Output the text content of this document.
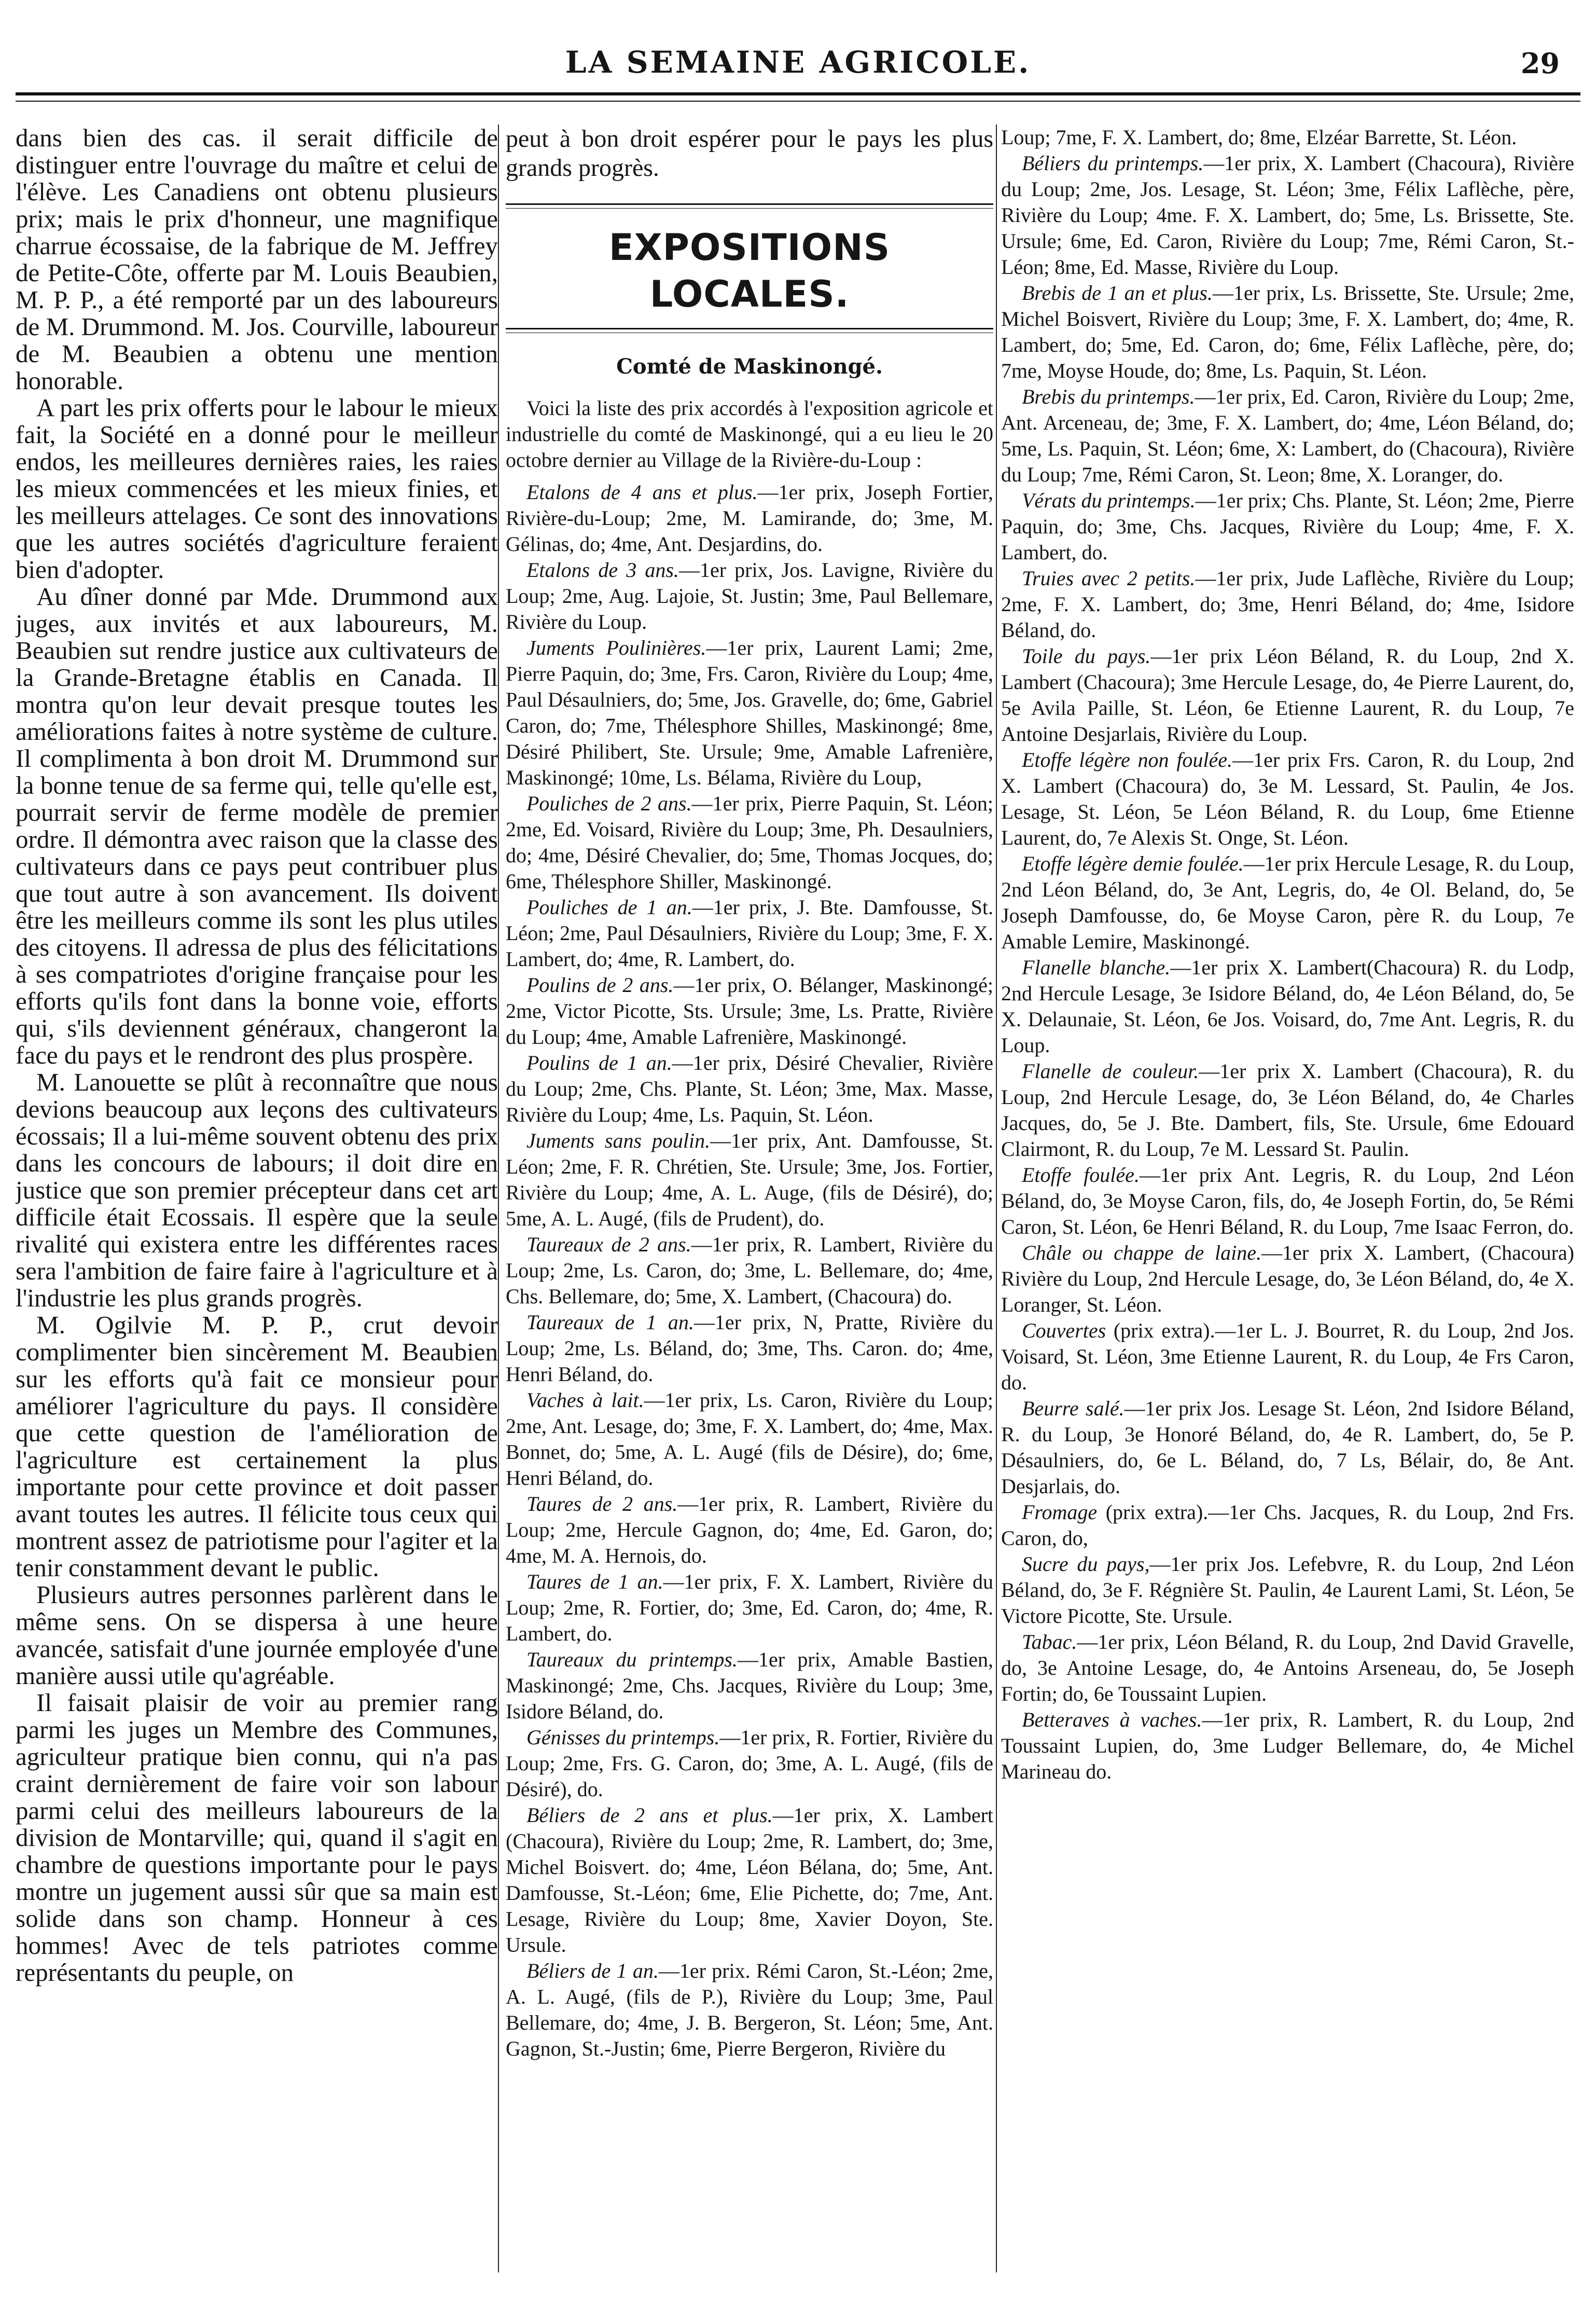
LA SEMAINE AGRICOLE.	29

dans bien des cas. il serait difficile de distinguer entre l'ouvrage du maître et celui de l'élève. Les Canadiens ont obtenu plusieurs prix; mais le prix d'honneur, une magnifique charrue écossaise, de la fabrique de M. Jeffrey de Petite-Côte, offerte par M. Louis Beaubien, M. P. P., a été remporté par un des laboureurs de M. Drummond. M. Jos. Courville, laboureur de M. Beaubien a obtenu une mention honorable.

A part les prix offerts pour le labour le mieux fait, la Société en a donné pour le meilleur endos, les meilleures dernières raies, les raies les mieux commencées et les mieux finies, et les meilleurs attelages. Ce sont des innovations que les autres sociétés d'agriculture feraient bien d'adopter.

Au dîner donné par Mde. Drummond aux juges, aux invités et aux laboureurs, M. Beaubien sut rendre justice aux cultivateurs de la Grande-Bretagne établis en Canada. Il montra qu'on leur devait presque toutes les améliorations faites à notre système de culture. Il complimenta à bon droit M. Drummond sur la bonne tenue de sa ferme qui, telle qu'elle est, pourrait servir de ferme modèle de premier ordre. Il démontra avec raison que la classe des cultivateurs dans ce pays peut contribuer plus que tout autre à son avancement. Ils doivent être les meilleurs comme ils sont les plus utiles des citoyens. Il adressa de plus des félicitations à ses compatriotes d'origine française pour les efforts qu'ils font dans la bonne voie, efforts qui, s'ils deviennent généraux, changeront la face du pays et le rendront des plus prospère.

M. Lanouette se plût à reconnaître que nous devions beaucoup aux leçons des cultivateurs écossais; Il a lui-même souvent obtenu des prix dans les concours de labours; il doit dire en justice que son premier précepteur dans cet art difficile était Ecossais. Il espère que la seule rivalité qui existera entre les différentes races sera l'ambition de faire faire à l'agriculture et à l'industrie les plus grands progrès.

M. Ogilvie M. P. P., crut devoir complimenter bien sincèrement M. Beaubien sur les efforts qu'à fait ce monsieur pour améliorer l'agriculture du pays. Il considère que cette question de l'amélioration de l'agriculture est certainement la plus importante pour cette province et doit passer avant toutes les autres. Il félicite tous ceux qui montrent assez de patriotisme pour l'agiter et la tenir constamment devant le public.

Plusieurs autres personnes parlèrent dans le même sens. On se dispersa à une heure avancée, satisfait d'une journée employée d'une manière aussi utile qu'agréable.

Il faisait plaisir de voir au premier rang parmi les juges un Membre des Communes, agriculteur pratique bien connu, qui n'a pas craint dernièrement de faire voir son labour parmi celui des meilleurs laboureurs de la division de Montarville; qui, quand il s'agit en chambre de questions importante pour le pays montre un jugement aussi sûr que sa main est solide dans son champ. Honneur à ces hommes! Avec de tels patriotes comme représentants du peuple, on

peut à bon droit espérer pour le pays les plus grands progrès.

EXPOSITIONS LOCALES.
Comté de Maskinongé.

Voici la liste des prix accordés à l'exposition agricole et industrielle du comté de Maskinongé, qui a eu lieu le 20 octobre dernier au Village de la Rivière-du-Loup :

Etalons de 4 ans et plus.—1er prix, Joseph Fortier, Rivière-du-Loup; 2me, M. Lamirande, do; 3me, M. Gélinas, do; 4me, Ant. Desjardins, do.

Etalons de 3 ans.—1er prix, Jos. Lavigne, Rivière du Loup; 2me, Aug. Lajoie, St. Justin; 3me, Paul Bellemare, Rivière du Loup.

Juments Poulinières.—1er prix, Laurent Lami; 2me, Pierre Paquin, do; 3me, Frs. Caron, Rivière du Loup; 4me, Paul Désaulniers, do; 5me, Jos. Gravelle, do; 6me, Gabriel Caron, do; 7me, Thélesphore Shilles, Maskinongé; 8me, Désiré Philibert, Ste. Ursule; 9me, Amable Lafrenière, Maskinongé; 10me, Ls. Bélama, Rivière du Loup,

Pouliches de 2 ans.—1er prix, Pierre Paquin, St. Léon; 2me, Ed. Voisard, Rivière du Loup; 3me, Ph. Desaulniers, do; 4me, Désiré Chevalier, do; 5me, Thomas Jocques, do; 6me, Thélesphore Shiller, Maskinongé.

Pouliches de 1 an.—1er prix, J. Bte. Damfousse, St. Léon; 2me, Paul Désaulniers, Rivière du Loup; 3me, F. X. Lambert, do; 4me, R. Lambert, do.

Poulins de 2 ans.—1er prix, O. Bélanger, Maskinongé; 2me, Victor Picotte, Sts. Ursule; 3me, Ls. Pratte, Rivière du Loup; 4me, Amable Lafrenière, Maskinongé.

Poulins de 1 an.—1er prix, Désiré Chevalier, Rivière du Loup; 2me, Chs. Plante, St. Léon; 3me, Max. Masse, Rivière du Loup; 4me, Ls. Paquin, St. Léon.

Juments sans poulin.—1er prix, Ant. Damfousse, St. Léon; 2me, F. R. Chrétien, Ste. Ursule; 3me, Jos. Fortier, Rivière du Loup; 4me, A. L. Auge, (fils de Désiré), do; 5me, A. L. Augé, (fils de Prudent), do.

Taureaux de 2 ans.—1er prix, R. Lambert, Rivière du Loup; 2me, Ls. Caron, do; 3me, L. Bellemare, do; 4me, Chs. Bellemare, do; 5me, X. Lambert, (Chacoura) do.

Taureaux de 1 an.—1er prix, N, Pratte, Rivière du Loup; 2me, Ls. Béland, do; 3me, Ths. Caron. do; 4me, Henri Béland, do.

Vaches à lait.—1er prix, Ls. Caron, Rivière du Loup; 2me, Ant. Lesage, do; 3me, F. X. Lambert, do; 4me, Max. Bonnet, do; 5me, A. L. Augé (fils de Désire), do; 6me, Henri Béland, do.

Taures de 2 ans.—1er prix, R. Lambert, Rivière du Loup; 2me, Hercule Gagnon, do; 4me, Ed. Garon, do; 4me, M. A. Hernois, do.

Taures de 1 an.—1er prix, F. X. Lambert, Rivière du Loup; 2me, R. Fortier, do; 3me, Ed. Caron, do; 4me, R. Lambert, do.

Taureaux du printemps.—1er prix, Amable Bastien, Maskinongé; 2me, Chs. Jacques, Rivière du Loup; 3me, Isidore Béland, do.

Génisses du printemps.—1er prix, R. Fortier, Rivière du Loup; 2me, Frs. G. Caron, do; 3me, A. L. Augé, (fils de Désiré), do.

Béliers de 2 ans et plus.—1er prix, X. Lambert (Chacoura), Rivière du Loup; 2me, R. Lambert, do; 3me, Michel Boisvert. do; 4me, Léon Bélana, do; 5me, Ant. Damfousse, St.-Léon; 6me, Elie Pichette, do; 7me, Ant. Lesage, Rivière du Loup; 8me, Xavier Doyon, Ste. Ursule.

Béliers de 1 an.—1er prix. Rémi Caron, St.-Léon; 2me, A. L. Augé, (fils de P.), Rivière du Loup; 3me, Paul Bellemare, do; 4me, J. B. Bergeron, St. Léon; 5me, Ant. Gagnon, St.-Justin; 6me, Pierre Bergeron, Rivière du

Loup; 7me, F. X. Lambert, do; 8me, Elzéar Barrette, St. Léon.

Béliers du printemps.—1er prix, X. Lambert (Chacoura), Rivière du Loup; 2me, Jos. Lesage, St. Léon; 3me, Félix Laflèche, père, Rivière du Loup; 4me. F. X. Lambert, do; 5me, Ls. Brissette, Ste. Ursule; 6me, Ed. Caron, Rivière du Loup; 7me, Rémi Caron, St.-Léon; 8me, Ed. Masse, Rivière du Loup.

Brebis de 1 an et plus.—1er prix, Ls. Brissette, Ste. Ursule; 2me, Michel Boisvert, Rivière du Loup; 3me, F. X. Lambert, do; 4me, R. Lambert, do; 5me, Ed. Caron, do; 6me, Félix Laflèche, père, do; 7me, Moyse Houde, do; 8me, Ls. Paquin, St. Léon.

Brebis du printemps.—1er prix, Ed. Caron, Rivière du Loup; 2me, Ant. Arceneau, de; 3me, F. X. Lambert, do; 4me, Léon Béland, do; 5me, Ls. Paquin, St. Léon; 6me, X: Lambert, do (Chacoura), Rivière du Loup; 7me, Rémi Caron, St. Leon; 8me, X. Loranger, do.

Vérats du printemps.—1er prix; Chs. Plante, St. Léon; 2me, Pierre Paquin, do; 3me, Chs. Jacques, Rivière du Loup; 4me, F. X. Lambert, do.

Truies avec 2 petits.—1er prix, Jude Laflèche, Rivière du Loup; 2me, F. X. Lambert, do; 3me, Henri Béland, do; 4me, Isidore Béland, do.

Toile du pays.—1er prix Léon Béland, R. du Loup, 2nd X. Lambert (Chacoura); 3me Hercule Lesage, do, 4e Pierre Laurent, do, 5e Avila Paille, St. Léon, 6e Etienne Laurent, R. du Loup, 7e Antoine Desjarlais, Rivière du Loup.

Etoffe légère non foulée.—1er prix Frs. Caron, R. du Loup, 2nd X. Lambert (Chacoura) do, 3e M. Lessard, St. Paulin, 4e Jos. Lesage, St. Léon, 5e Léon Béland, R. du Loup, 6me Etienne Laurent, do, 7e Alexis St. Onge, St. Léon.

Etoffe légère demie foulée.—1er prix Hercule Lesage, R. du Loup, 2nd Léon Béland, do, 3e Ant, Legris, do, 4e Ol. Beland, do, 5e Joseph Damfousse, do, 6e Moyse Caron, père R. du Loup, 7e Amable Lemire, Maskinongé.

Flanelle blanche.—1er prix X. Lambert(Chacoura) R. du Lodp, 2nd Hercule Lesage, 3e Isidore Béland, do, 4e Léon Béland, do, 5e X. Delaunaie, St. Léon, 6e Jos. Voisard, do, 7me Ant. Legris, R. du Loup.

Flanelle de couleur.—1er prix X. Lambert (Chacoura), R. du Loup, 2nd Hercule Lesage, do, 3e Léon Béland, do, 4e Charles Jacques, do, 5e J. Bte. Dambert, fils, Ste. Ursule, 6me Edouard Clairmont, R. du Loup, 7e M. Lessard St. Paulin.

Etoffe foulée.—1er prix Ant. Legris, R. du Loup, 2nd Léon Béland, do, 3e Moyse Caron, fils, do, 4e Joseph Fortin, do, 5e Rémi Caron, St. Léon, 6e Henri Béland, R. du Loup, 7me Isaac Ferron, do.

Châle ou chappe de laine.—1er prix X. Lambert, (Chacoura) Rivière du Loup, 2nd Hercule Lesage, do, 3e Léon Béland, do, 4e X. Loranger, St. Léon.

Couvertes (prix extra).—1er L. J. Bourret, R. du Loup, 2nd Jos. Voisard, St. Léon, 3me Etienne Laurent, R. du Loup, 4e Frs Caron, do.

Beurre salé.—1er prix Jos. Lesage St. Léon, 2nd Isidore Béland, R. du Loup, 3e Honoré Béland, do, 4e R. Lambert, do, 5e P. Désaulniers, do, 6e L. Béland, do, 7 Ls, Bélair, do, 8e Ant. Desjarlais, do.

Fromage (prix extra).—1er Chs. Jacques, R. du Loup, 2nd Frs. Caron, do,

Sucre du pays,—1er prix Jos. Lefebvre, R. du Loup, 2nd Léon Béland, do, 3e F. Régnière St. Paulin, 4e Laurent Lami, St. Léon, 5e Victore Picotte, Ste. Ursule.

Tabac.—1er prix, Léon Béland, R. du Loup, 2nd David Gravelle, do, 3e Antoine Lesage, do, 4e Antoins Arseneau, do, 5e Joseph Fortin; do, 6e Toussaint Lupien.

Betteraves à vaches.—1er prix, R. Lambert, R. du Loup, 2nd Toussaint Lupien, do, 3me Ludger Bellemare, do, 4e Michel Marineau do.
